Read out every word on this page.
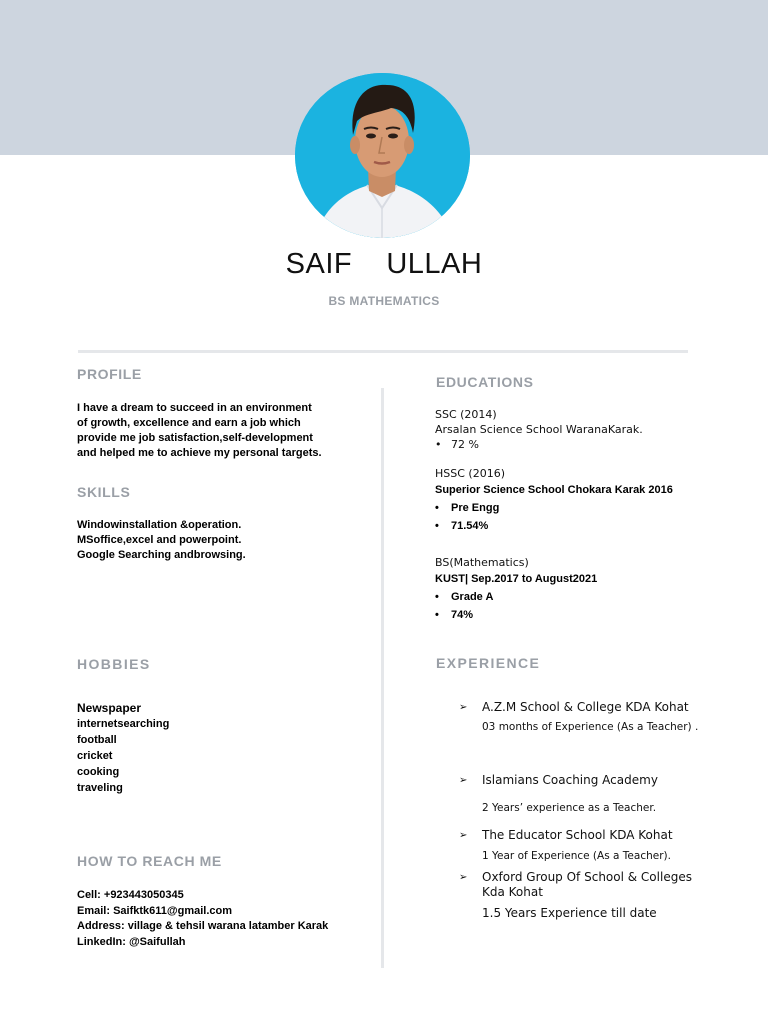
SAIF    ULLAH
BS MATHEMATICS
PROFILE
I have a dream to succeed in an environment
of growth, excellence and earn a job which
provide me job satisfaction,self-development
and helped me to achieve my personal targets.
SKILLS
Windowinstallation &operation.
MSoffice,excel and powerpoint.
Google Searching andbrowsing.
HOBBIES
Newspaper
internetsearching
football
cricket
cooking
traveling
HOW TO REACH ME
Cell: +923443050345
Email: Saifktk611@gmail.com
Address: village & tehsil warana latamber Karak
LinkedIn: @Saifullah
EDUCATIONS
SSC (2014)
Arsalan Science School WaranaKarak.
• 72 %
HSSC (2016)
Superior Science School Chokara Karak 2016
• Pre Engg
• 71.54%
BS(Mathematics)
KUST| Sep.2017 to August2021
• Grade A
• 74%
EXPERIENCE
➢	A.Z.M School & College KDA Kohat
03 months of Experience (As a Teacher) .
➢	Islamians Coaching Academy
2 Years’ experience as a Teacher.
➢	The Educator School KDA Kohat
1 Year of Experience (As a Teacher).
➢	Oxford Group Of School & Colleges Kda Kohat
1.5 Years Experience till date
